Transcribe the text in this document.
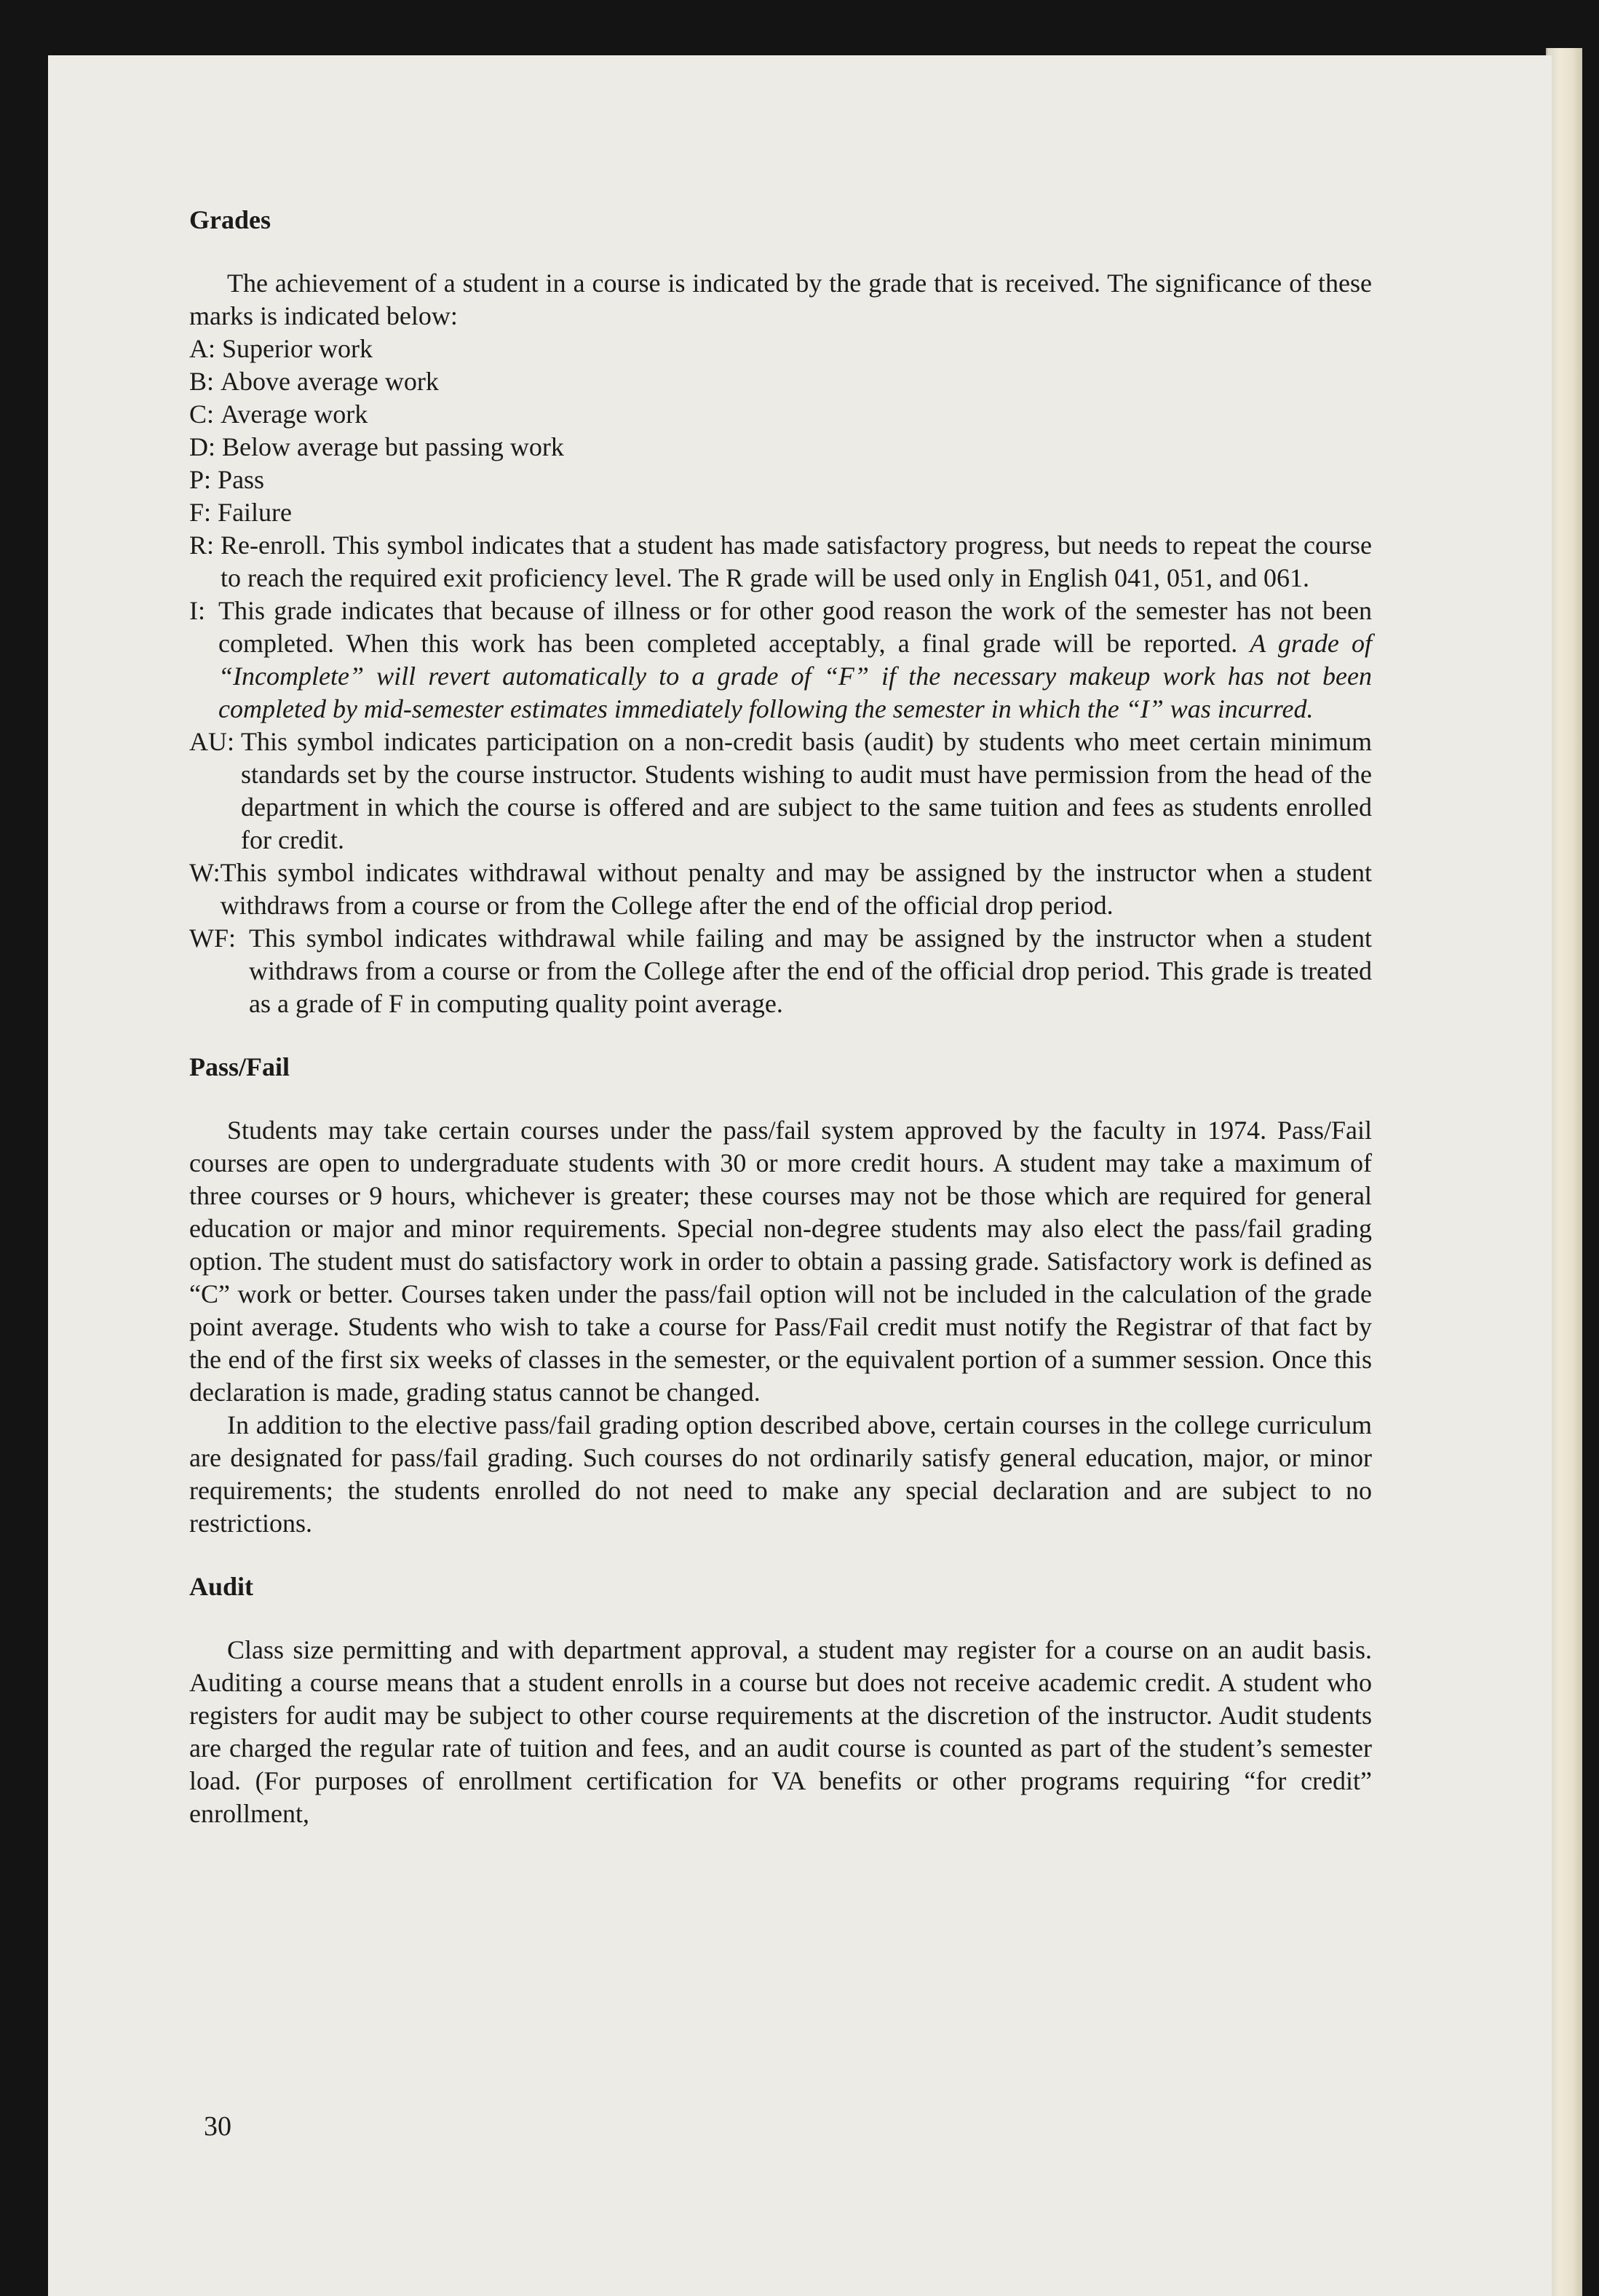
Grades

The achievement of a student in a course is indicated by the grade that is received. The significance of these marks is indicated below:

A: Superior work
B: Above average work
C: Average work
D: Below average but passing work
P: Pass
F: Failure
R: Re-enroll. This symbol indicates that a student has made satisfactory progress, but needs to repeat the course to reach the required exit proficiency level. The R grade will be used only in English 041, 051, and 061.
I: This grade indicates that because of illness or for other good reason the work of the semester has not been completed. When this work has been completed acceptably, a final grade will be reported. A grade of “Incomplete” will revert automatically to a grade of “F” if the necessary makeup work has not been completed by mid-semester estimates immediately following the semester in which the “I” was incurred.
AU: This symbol indicates participation on a non-credit basis (audit) by students who meet certain minimum standards set by the course instructor. Students wishing to audit must have permission from the head of the department in which the course is offered and are subject to the same tuition and fees as students enrolled for credit.
W: This symbol indicates withdrawal without penalty and may be assigned by the instructor when a student withdraws from a course or from the College after the end of the official drop period.
WF: This symbol indicates withdrawal while failing and may be assigned by the instructor when a student withdraws from a course or from the College after the end of the official drop period. This grade is treated as a grade of F in computing quality point average.
Pass/Fail

Students may take certain courses under the pass/fail system approved by the faculty in 1974. Pass/Fail courses are open to undergraduate students with 30 or more credit hours. A student may take a maximum of three courses or 9 hours, whichever is greater; these courses may not be those which are required for general education or major and minor requirements. Special non-degree students may also elect the pass/fail grading option. The student must do satisfactory work in order to obtain a passing grade. Satisfactory work is defined as “C” work or better. Courses taken under the pass/fail option will not be included in the calculation of the grade point average. Students who wish to take a course for Pass/Fail credit must notify the Registrar of that fact by the end of the first six weeks of classes in the semester, or the equivalent portion of a summer session. Once this declaration is made, grading status cannot be changed.

In addition to the elective pass/fail grading option described above, certain courses in the college curriculum are designated for pass/fail grading. Such courses do not ordinarily satisfy general education, major, or minor requirements; the students enrolled do not need to make any special declaration and are subject to no restrictions.

Audit

Class size permitting and with department approval, a student may register for a course on an audit basis. Auditing a course means that a student enrolls in a course but does not receive academic credit. A student who registers for audit may be subject to other course requirements at the discretion of the instructor. Audit students are charged the regular rate of tuition and fees, and an audit course is counted as part of the student’s semester load. (For purposes of enrollment certification for VA benefits or other programs requiring “for credit” enrollment,

30
